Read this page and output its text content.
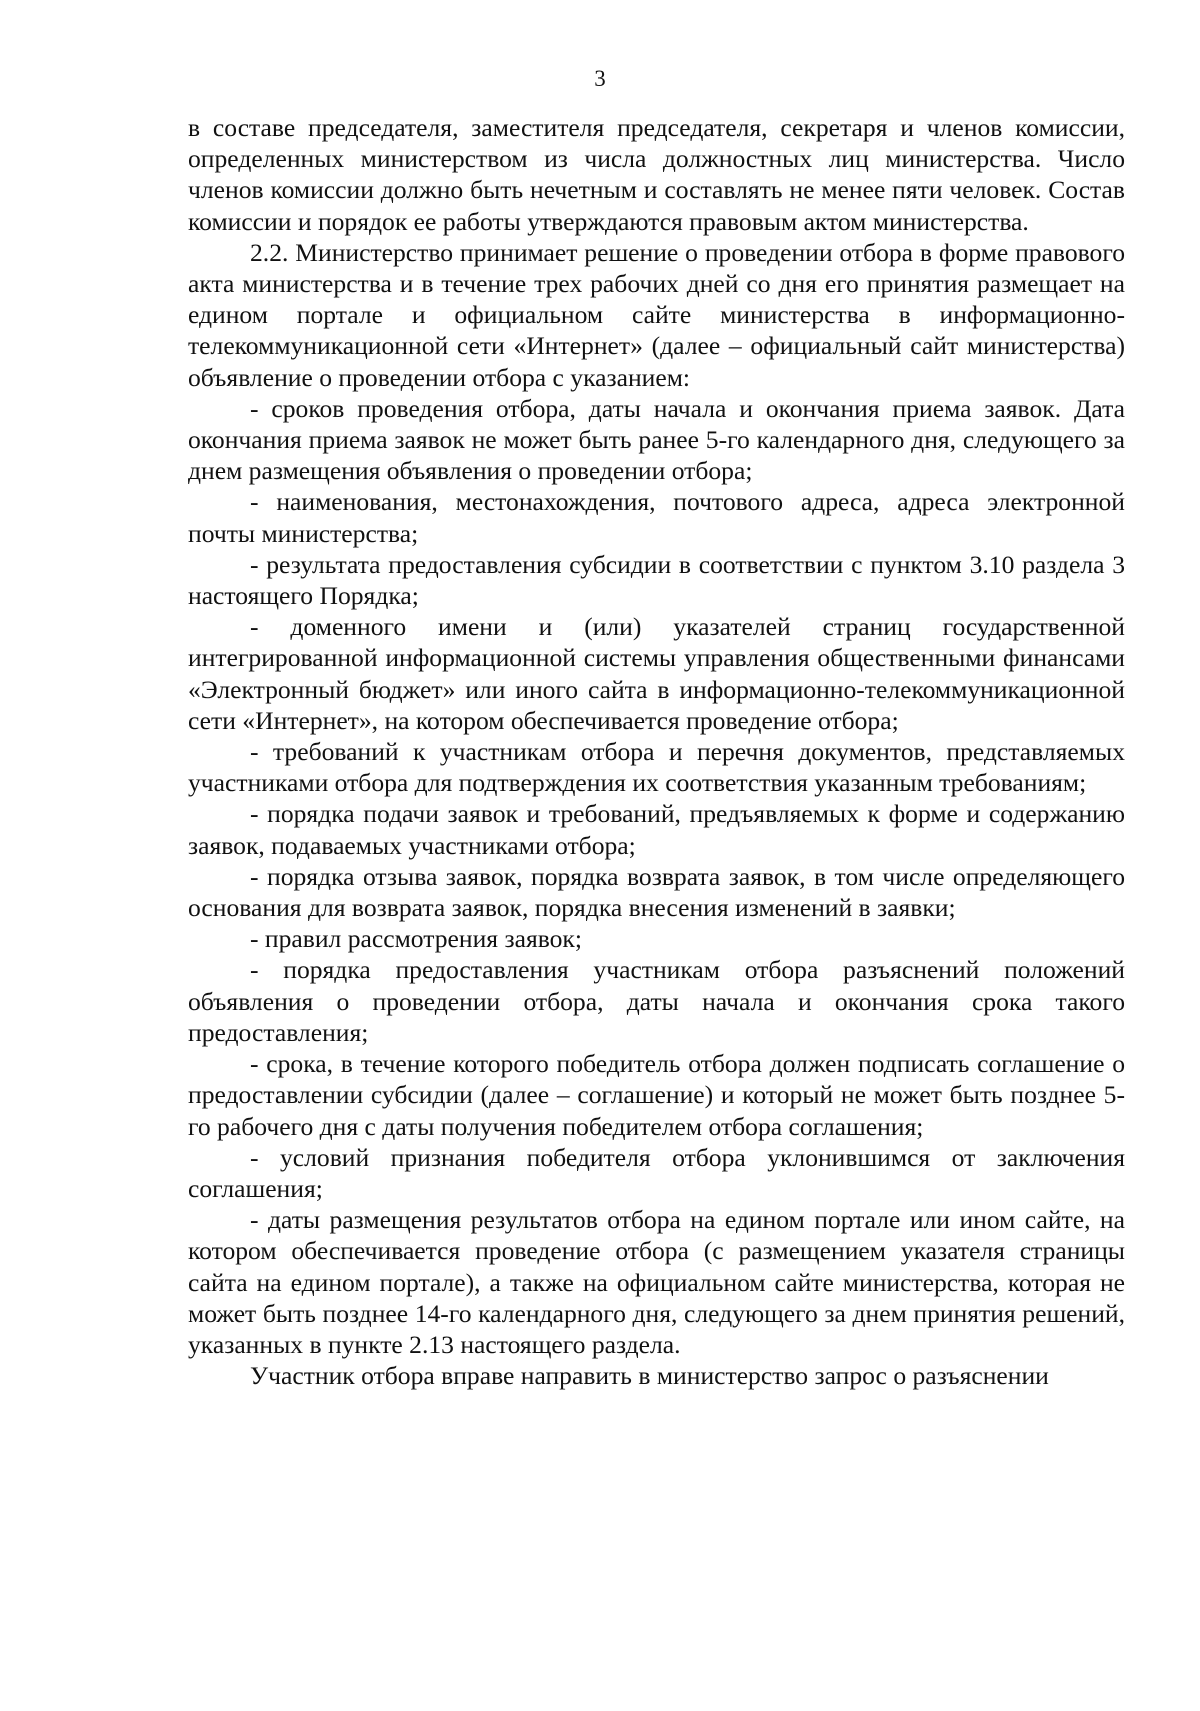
3

в составе председателя, заместителя председателя, секретаря и членов комиссии, определенных министерством из числа должностных лиц министерства. Число членов комиссии должно быть нечетным и составлять не менее пяти человек. Состав комиссии и порядок ее работы утверждаются правовым актом министерства.

2.2. Министерство принимает решение о проведении отбора в форме правового акта министерства и в течение трех рабочих дней со дня его принятия размещает на едином портале и официальном сайте министерства в информационно-телекоммуникационной сети «Интернет» (далее – официальный сайт министерства) объявление о проведении отбора с указанием:

- сроков проведения отбора, даты начала и окончания приема заявок. Дата окончания приема заявок не может быть ранее 5-го календарного дня, следующего за днем размещения объявления о проведении отбора;

- наименования, местонахождения, почтового адреса, адреса электронной почты министерства;

- результата предоставления субсидии в соответствии с пунктом 3.10 раздела 3 настоящего Порядка;

- доменного имени и (или) указателей страниц государственной интегрированной информационной системы управления общественными финансами «Электронный бюджет» или иного сайта в информационно-телекоммуникационной сети «Интернет», на котором обеспечивается проведение отбора;

- требований к участникам отбора и перечня документов, представляемых участниками отбора для подтверждения их соответствия указанным требованиям;

- порядка подачи заявок и требований, предъявляемых к форме и содержанию заявок, подаваемых участниками отбора;

- порядка отзыва заявок, порядка возврата заявок, в том числе определяющего основания для возврата заявок, порядка внесения изменений в заявки;

- правил рассмотрения заявок;

- порядка предоставления участникам отбора разъяснений положений объявления о проведении отбора, даты начала и окончания срока такого предоставления;

- срока, в течение которого победитель отбора должен подписать соглашение о предоставлении субсидии (далее – соглашение) и который не может быть позднее 5-го рабочего дня с даты получения победителем отбора соглашения;

- условий признания победителя отбора уклонившимся от заключения соглашения;

- даты размещения результатов отбора на едином портале или ином сайте, на котором обеспечивается проведение отбора (с размещением указателя страницы сайта на едином портале), а также на официальном сайте министерства, которая не может быть позднее 14-го календарного дня, следующего за днем принятия решений, указанных в пункте 2.13 настоящего раздела.

Участник отбора вправе направить в министерство запрос о разъяснении
